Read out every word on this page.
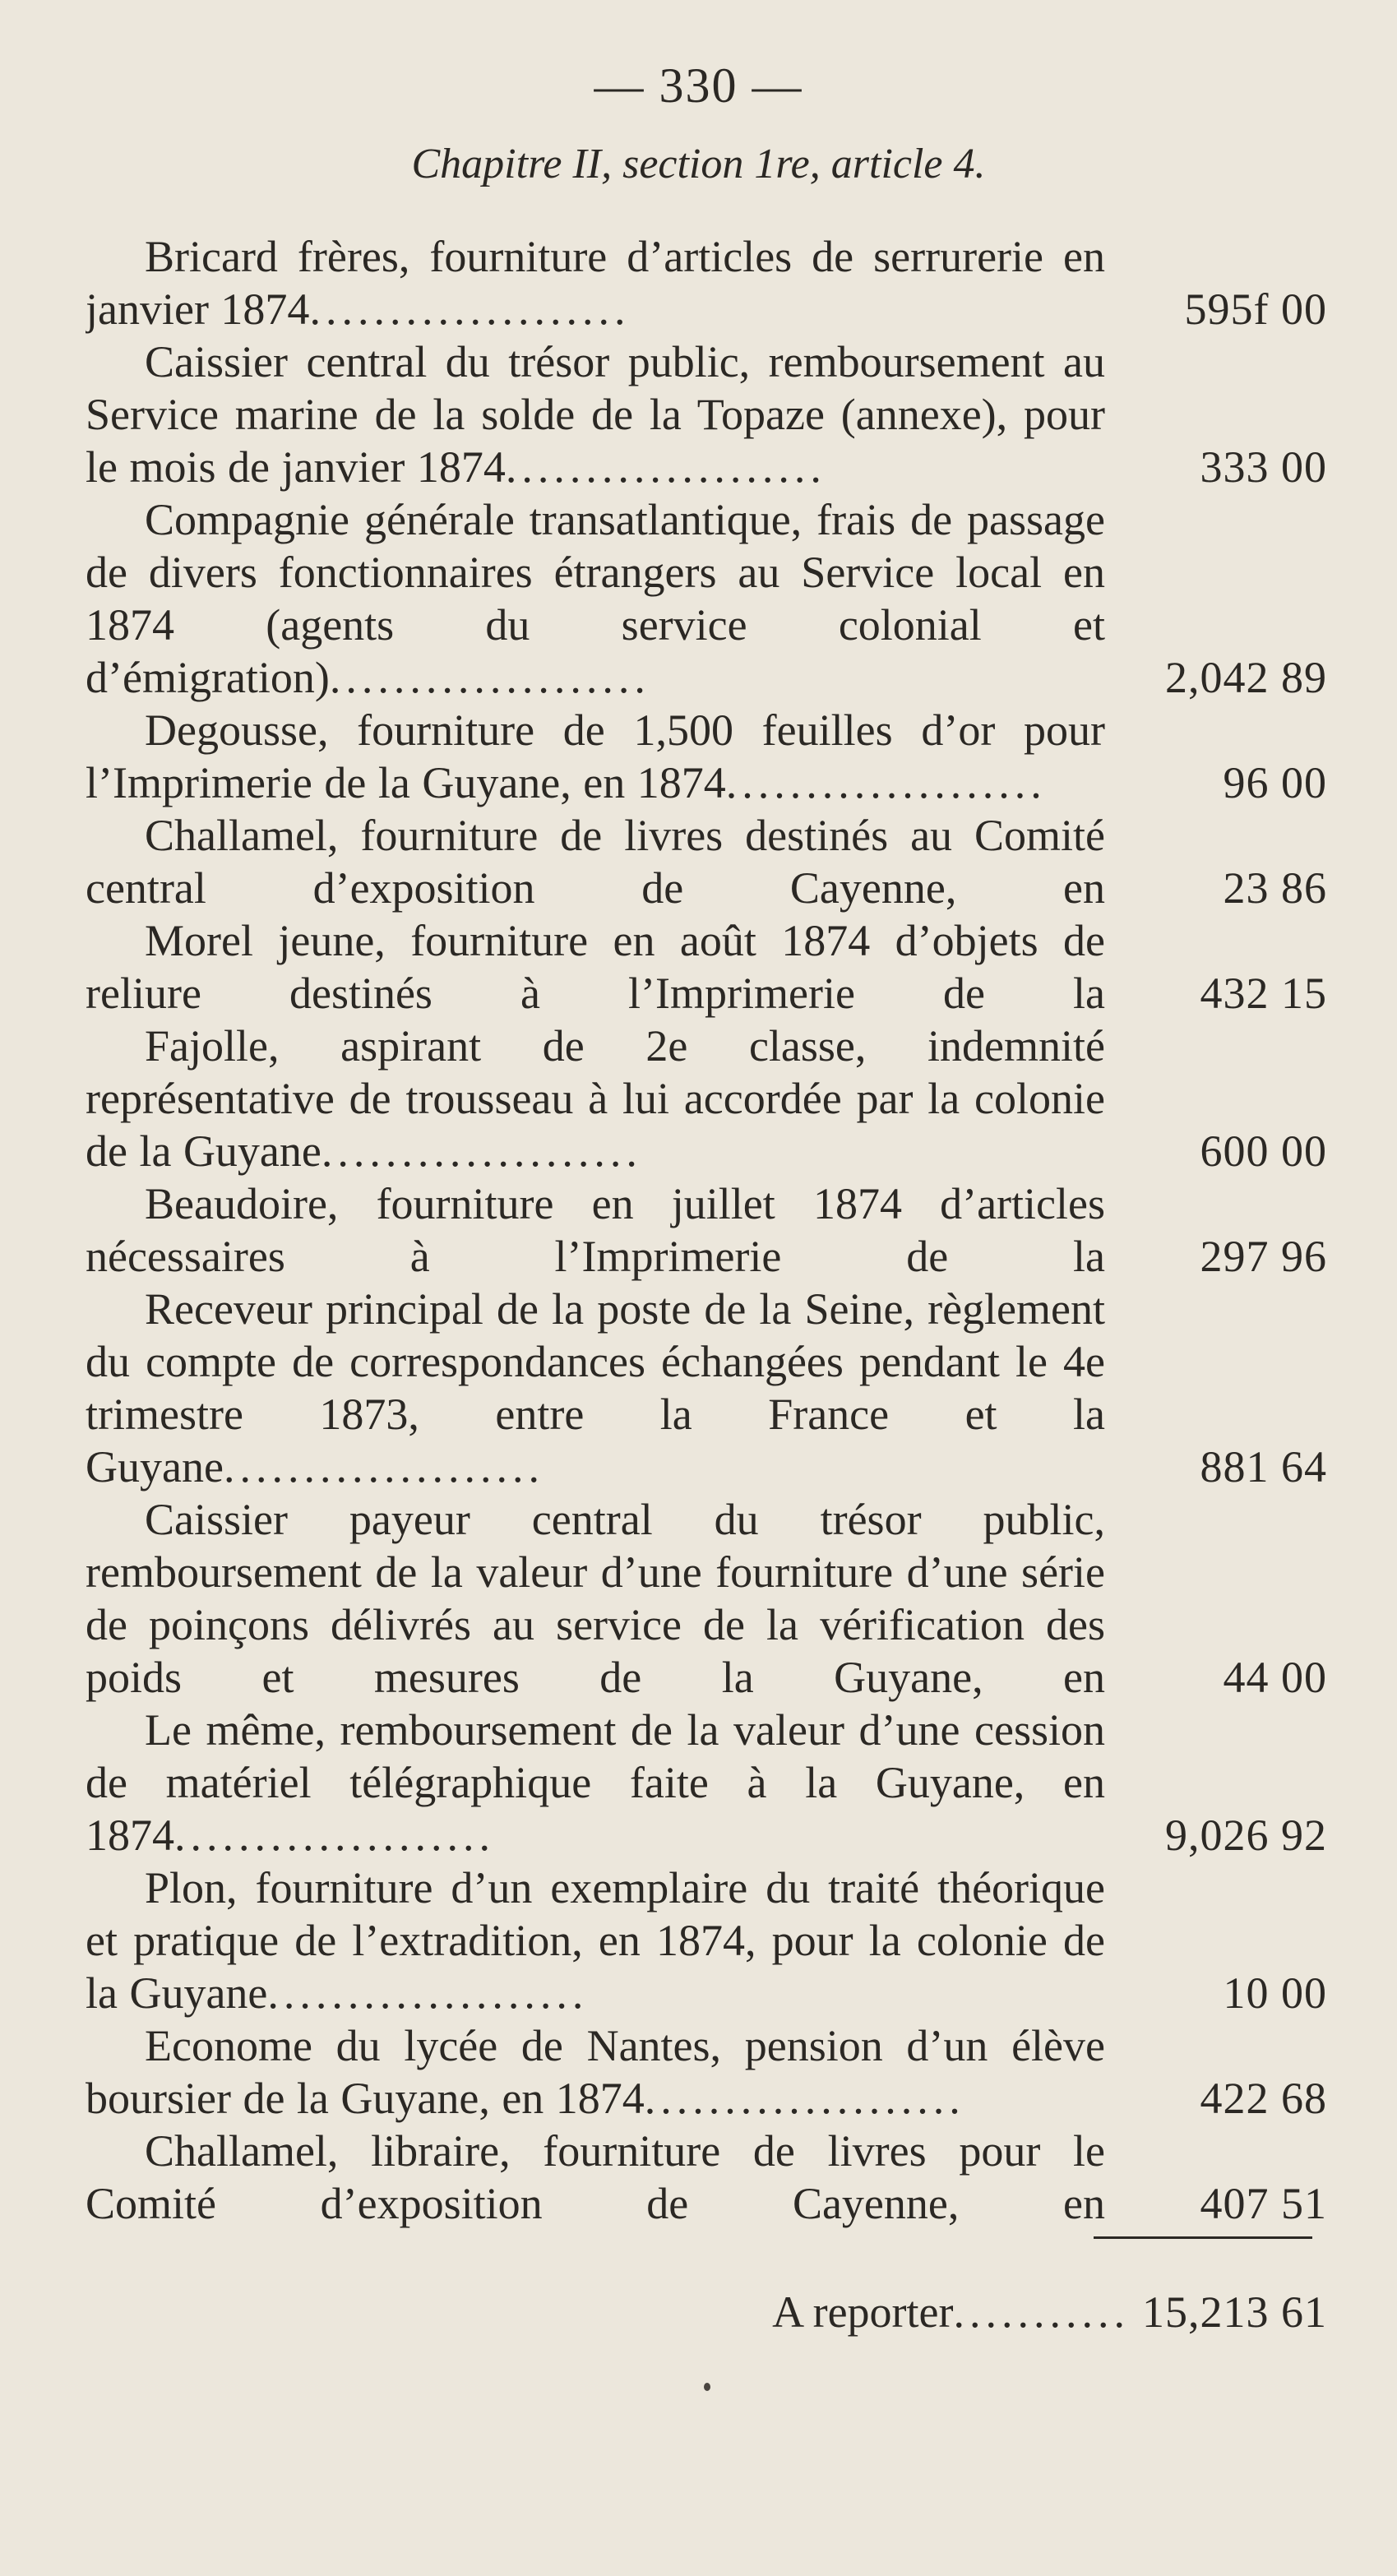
— 330 —
Chapitre II, section 1re, article 4.
Bricard frères, fourniture d’articles de serrurerie en janvier 1874....................	595f 00
Caissier central du trésor public, remboursement au Service marine de la solde de la Topaze (annexe), pour le mois de janvier 1874....................	333 00
Compagnie générale transatlantique, frais de passage de divers fonctionnaires étrangers au Service local en 1874 (agents du service colonial et d’émigration)....................	2,042 89
Degousse, fourniture de 1,500 feuilles d’or pour l’Imprimerie de la Guyane, en 1874....................	96 00
Challamel, fourniture de livres destinés au Comité central d’exposition de Cayenne, en	23 86
Morel jeune, fourniture en août 1874 d’objets de reliure destinés à l’Imprimerie de la 432 15
Fajolle, aspirant de 2e classe, indemnité représentative de trousseau à lui accordée par la colonie de la Guyane....................	600 00
Beaudoire, fourniture en juillet 1874 d’articles nécessaires à l’Imprimerie de la 297 96
Receveur principal de la poste de la Seine, règlement du compte de correspondances échangées pendant le 4e trimestre 1873, entre la France et la Guyane....................	881 64
Caissier payeur central du trésor public, remboursement de la valeur d’une fourniture d’une série de poinçons délivrés au service de la vérification des poids et mesures de la Guyane, en	44 00
Le même, remboursement de la valeur d’une cession de matériel télégraphique faite à la Guyane, en 1874....................	9,026 92
Plon, fourniture d’un exemplaire du traité théorique et pratique de l’extradition, en 1874, pour la colonie de la Guyane....................	10 00
Econome du lycée de Nantes, pension d’un élève boursier de la Guyane, en 1874....................	422 68
Challamel, libraire, fourniture de livres pour le Comité d’exposition de Cayenne, en 407 51
A reporter........... 15,213 61
